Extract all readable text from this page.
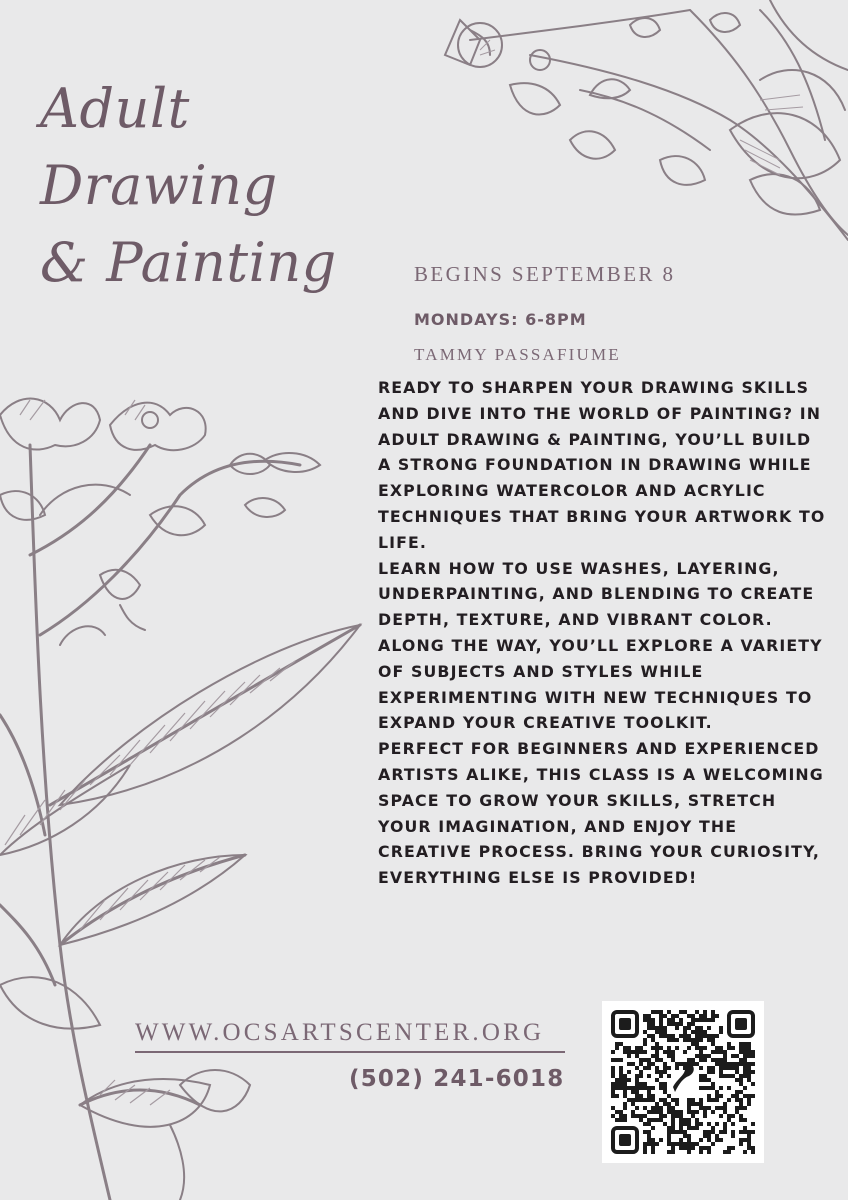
Adult
Drawing
& Painting	BEGINS SEPTEMBER 8
MONDAYS: 6-8PM
TAMMY PASSAFIUME

READY TO SHARPEN YOUR DRAWING SKILLS AND DIVE INTO THE WORLD OF PAINTING? IN ADULT DRAWING & PAINTING, YOU’LL BUILD A STRONG FOUNDATION IN DRAWING WHILE EXPLORING WATERCOLOR AND ACRYLIC TECHNIQUES THAT BRING YOUR ARTWORK TO LIFE.

LEARN HOW TO USE WASHES, LAYERING, UNDERPAINTING, AND BLENDING TO CREATE DEPTH, TEXTURE, AND VIBRANT COLOR. ALONG THE WAY, YOU’LL EXPLORE A VARIETY OF SUBJECTS AND STYLES WHILE EXPERIMENTING WITH NEW TECHNIQUES TO EXPAND YOUR CREATIVE TOOLKIT.

PERFECT FOR BEGINNERS AND EXPERIENCED ARTISTS ALIKE, THIS CLASS IS A WELCOMING SPACE TO GROW YOUR SKILLS, STRETCH YOUR IMAGINATION, AND ENJOY THE CREATIVE PROCESS. BRING YOUR CURIOSITY, EVERYTHING ELSE IS PROVIDED!

WWW.OCSARTSCENTER.ORG
(502) 241-6018
